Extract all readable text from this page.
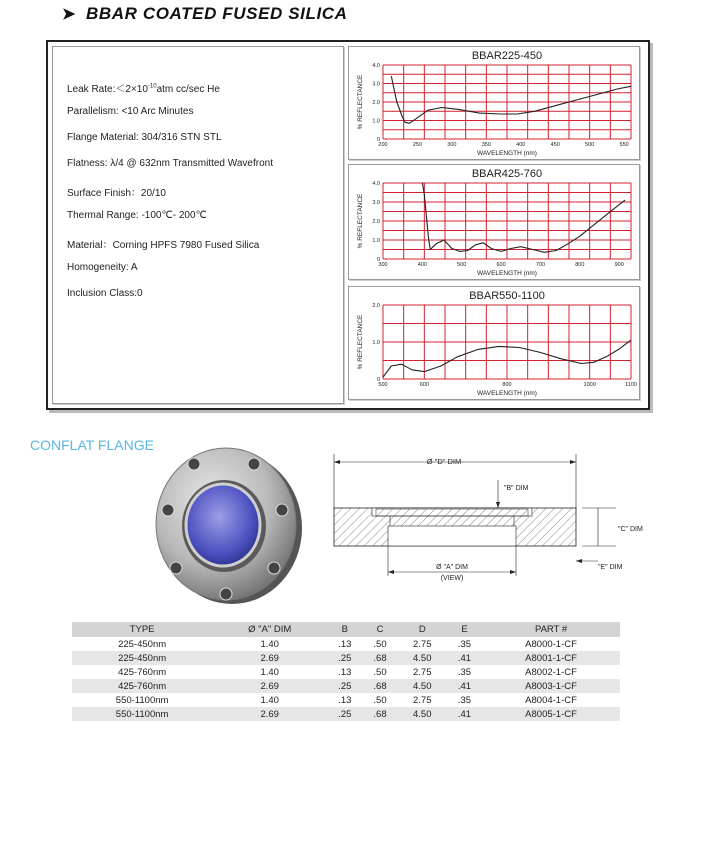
➤ BBAR COATED FUSED SILICA
Leak $Rate:<2\times 10^{-10}atm$ cc/sec He
Parallelism: <10 Arc Minutes
Flange Material: 304/316 STN STL
Flatness: λ/4 @ 632nm Transmitted Wavefront
Surface Finish：20/10
Thermal Range: -100℃- 200℃
Material：Corning HPFS 7980 Fused Silica
Homogeneity: A
Inclusion Class:0
BBAR225-450
0
1.0
2.0
3.0
4.0
200	250	300	350	400	450	500	550
WAVELENGTH (nm)
% REFLECTANCE
BBAR425-760
0
1.0
2.0
3.0
4.0
300	400	500	600	700	800	900
WAVELENGTH (nm)
% REFLECTANCE
BBAR550-1100
0
1.0
2.0
500	600	800	1000	1100
WAVELENGTH (nm)
% REFLECTANCE
CONFLAT FLANGE
Ø "D" DIM
"B" DIM
"C" DIM
"E" DIM
Ø "A" DIM
(VIEW)
TYPE	Ø "A" DIM	B	C	D	E	PART #
225-450nm	1.40	.13	.50	2.75	.35	A8000-1-CF
225-450nm	2.69	.25	.68	4.50	.41	A8001-1-CF
425-760nm	1.40	.13	.50	2.75	.35	A8002-1-CF
425-760nm	2.69	.25	.68	4.50	.41	A8003-1-CF
550-1100nm	1.40	.13	.50	2.75	.35	A8004-1-CF
550-1100nm	2.69	.25	.68	4.50	.41	A8005-1-CF
